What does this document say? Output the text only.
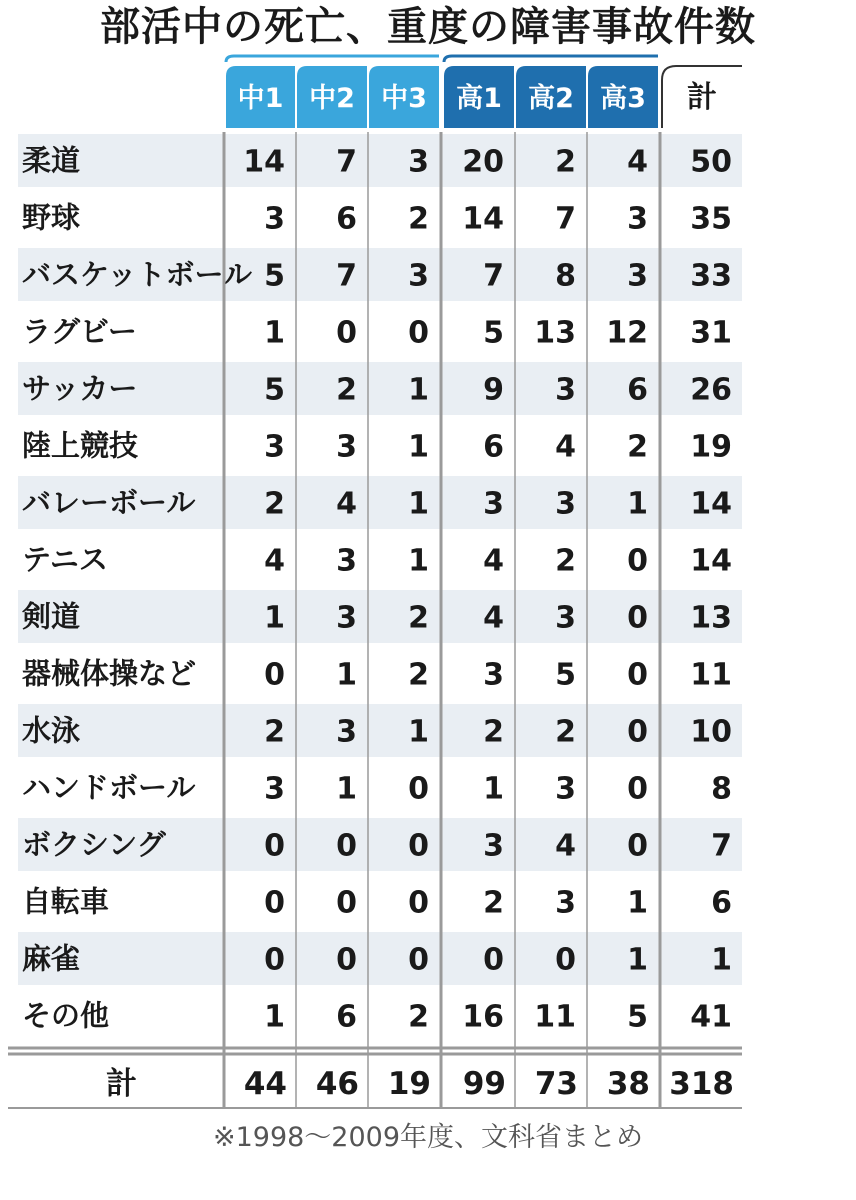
部活中の死亡、重度の障害事故件数
中1 中2 中3 高1 高2 高3 計
柔道	14 7 3 20 2 4 50
野球	3 6 2 14 7 3 35
バスケットボール 5 7 3 7 8 3 33
ラグビー	1 0 0 5 13 12 31
サッカー	5 2 1 9 3 6 26
陸上競技	3 3 1 6 4 2 19
バレーボール 2 4 1 3 3 1 14
テニス	4 3 1 4 2 0 14
剣道	1 3 2 4 3 0 13
器械体操など 0 1 2 3 5 0 11
水泳	2 3 1 2 2 0 10
ハンドボール 3 1 0 1 3 0 8
ボクシング	0 0 0 3 4 0 7
自転車	0 0 0 2 3 1 6
麻雀	0 0 0 0 0 1 1
その他	1 6 2 16 11 5 41
計	44 46 19 99 73 38 318
※1998〜2009年度、文科省まとめ
